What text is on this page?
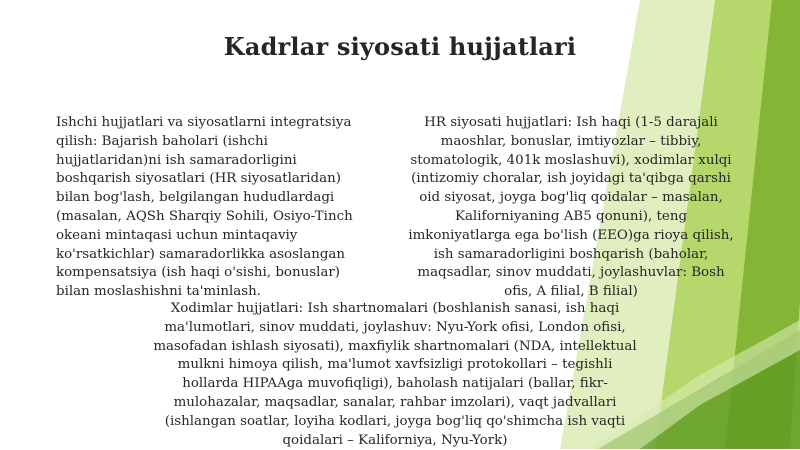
Kadrlar siyosati hujjatlari
Ishchi hujjatlari va siyosatlarni integratsiya
qilish: Bajarish baholari (ishchi
hujjatlaridan)ni ish samaradorligini
boshqarish siyosatlari (HR siyosatlaridan)
bilan bog'lash, belgilangan hududlardagi
(masalan, AQSh Sharqiy Sohili, Osiyo-Tinch
okeani mintaqasi uchun mintaqaviy
ko'rsatkichlar) samaradorlikka asoslangan
kompensatsiya (ish haqi o'sishi, bonuslar)
bilan moslashishni ta'minlash.
HR siyosati hujjatlari: Ish haqi (1-5 darajali
maoshlar, bonuslar, imtiyozlar – tibbiy,
stomatologik, 401k moslashuvi), xodimlar xulqi
(intizomiy choralar, ish joyidagi ta'qibga qarshi
oid siyosat, joyga bog'liq qoidalar – masalan,
Kaliforniyaning AB5 qonuni), teng
imkoniyatlarga ega bo'lish (EEO)ga rioya qilish,
ish samaradorligini boshqarish (baholar,
maqsadlar, sinov muddati, joylashuvlar: Bosh
ofis, A filial, B filial)
Xodimlar hujjatlari: Ish shartnomalari (boshlanish sanasi, ish haqi
ma'lumotlari, sinov muddati, joylashuv: Nyu-York ofisi, London ofisi,
masofadan ishlash siyosati), maxfiylik shartnomalari (NDA, intellektual
mulkni himoya qilish, ma'lumot xavfsizligi protokollari – tegishli
hollarda HIPAAga muvofiqligi), baholash natijalari (ballar, fikr-
mulohazalar, maqsadlar, sanalar, rahbar imzolari), vaqt jadvallari
(ishlangan soatlar, loyiha kodlari, joyga bog'liq qo'shimcha ish vaqti
qoidalari – Kaliforniya, Nyu-York)
